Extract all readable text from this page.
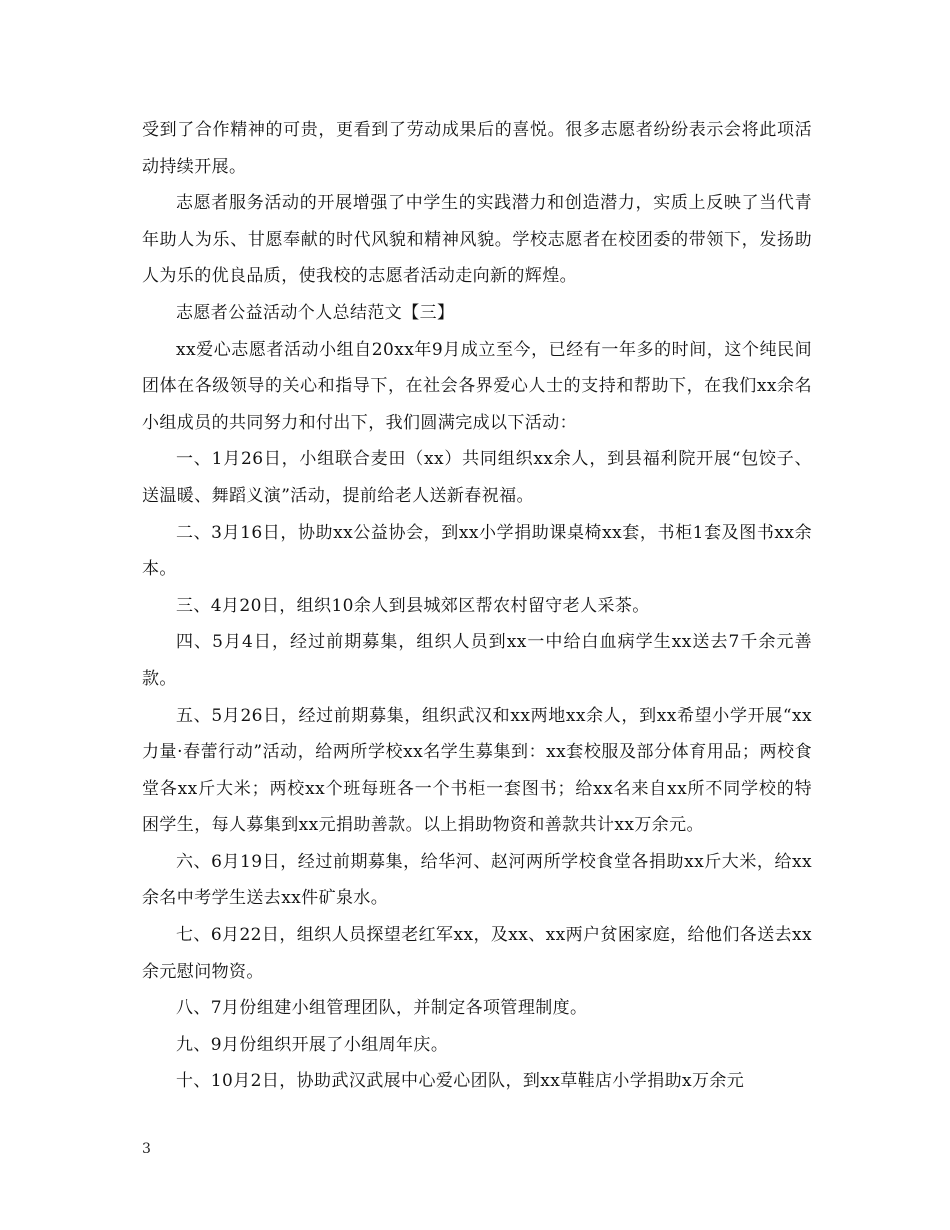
受到了合作精神的可贵，更看到了劳动成果后的喜悦。很多志愿者纷纷表示会将此项活动持续开展。

志愿者服务活动的开展增强了中学生的实践潜力和创造潜力，实质上反映了当代青年助人为乐、甘愿奉献的时代风貌和精神风貌。学校志愿者在校团委的带领下，发扬助人为乐的优良品质，使我校的志愿者活动走向新的辉煌。

志愿者公益活动个人总结范文【三】

xx爱心志愿者活动小组自20xx年9月成立至今，已经有一年多的时间，这个纯民间团体在各级领导的关心和指导下，在社会各界爱心人士的支持和帮助下，在我们xx余名小组成员的共同努力和付出下，我们圆满完成以下活动：

一、1月26日，小组联合麦田（xx）共同组织xx余人，到县福利院开展“包饺子、送温暖、舞蹈义演”活动，提前给老人送新春祝福。

二、3月16日，协助xx公益协会，到xx小学捐助课桌椅xx套，书柜1套及图书xx余本。

三、4月20日，组织10余人到县城郊区帮农村留守老人采茶。

四、5月4日，经过前期募集，组织人员到xx一中给白血病学生xx送去7千余元善款。

五、5月26日，经过前期募集，组织武汉和xx两地xx余人，到xx希望小学开展“xx力量·春蕾行动”活动，给两所学校xx名学生募集到：xx套校服及部分体育用品；两校食堂各xx斤大米；两校xx个班每班各一个书柜一套图书；给xx名来自xx所不同学校的特困学生，每人募集到xx元捐助善款。以上捐助物资和善款共计xx万余元。

六、6月19日，经过前期募集，给华河、赵河两所学校食堂各捐助xx斤大米，给xx余名中考学生送去xx件矿泉水。

七、6月22日，组织人员探望老红军xx，及xx、xx两户贫困家庭，给他们各送去xx余元慰问物资。

八、7月份组建小组管理团队，并制定各项管理制度。

九、9月份组织开展了小组周年庆。

十、10月2日，协助武汉武展中心爱心团队，到xx草鞋店小学捐助x万余元

3
